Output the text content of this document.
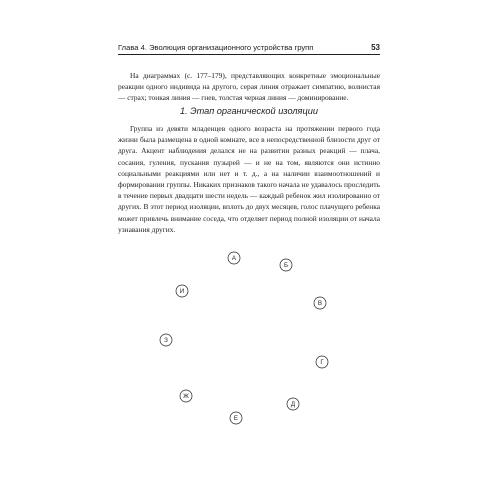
Глава 4. Эволюция организационного устройства групп	53

На диаграммах (с. 177–179), представляющих конкретные эмоциональные реакции одного индивида на другого, серая линия отражает симпатию, волнистая — страх; тонкая линия — гнев, толстая черная линия — доминирование.

1. Этап органической изоляции

Группа из девяти младенцев одного возраста на протяжении первого года жизни была размещена в одной комнате, все в непосредственной близости друг от друга. Акцент наблюдения делался не на развитии разных реакций — плача, сосания, гуления, пускания пузырей — и не на том, являются они истинно социальными реакциями или нет и т. д., а на наличии взаимоотношений и формировании группы. Никаких признаков такого начала не удавалось проследить в течение первых двадцати шести недель — каждый ребенок жил изолированно от других. В этот период изоляции, вплоть до двух месяцев, голос плачущего ребенка может привлечь внимание соседа, что отделяет период полной изоляции от начала узнавания других.

А
Б
И
В
З
Г
Ж
Д
Е
